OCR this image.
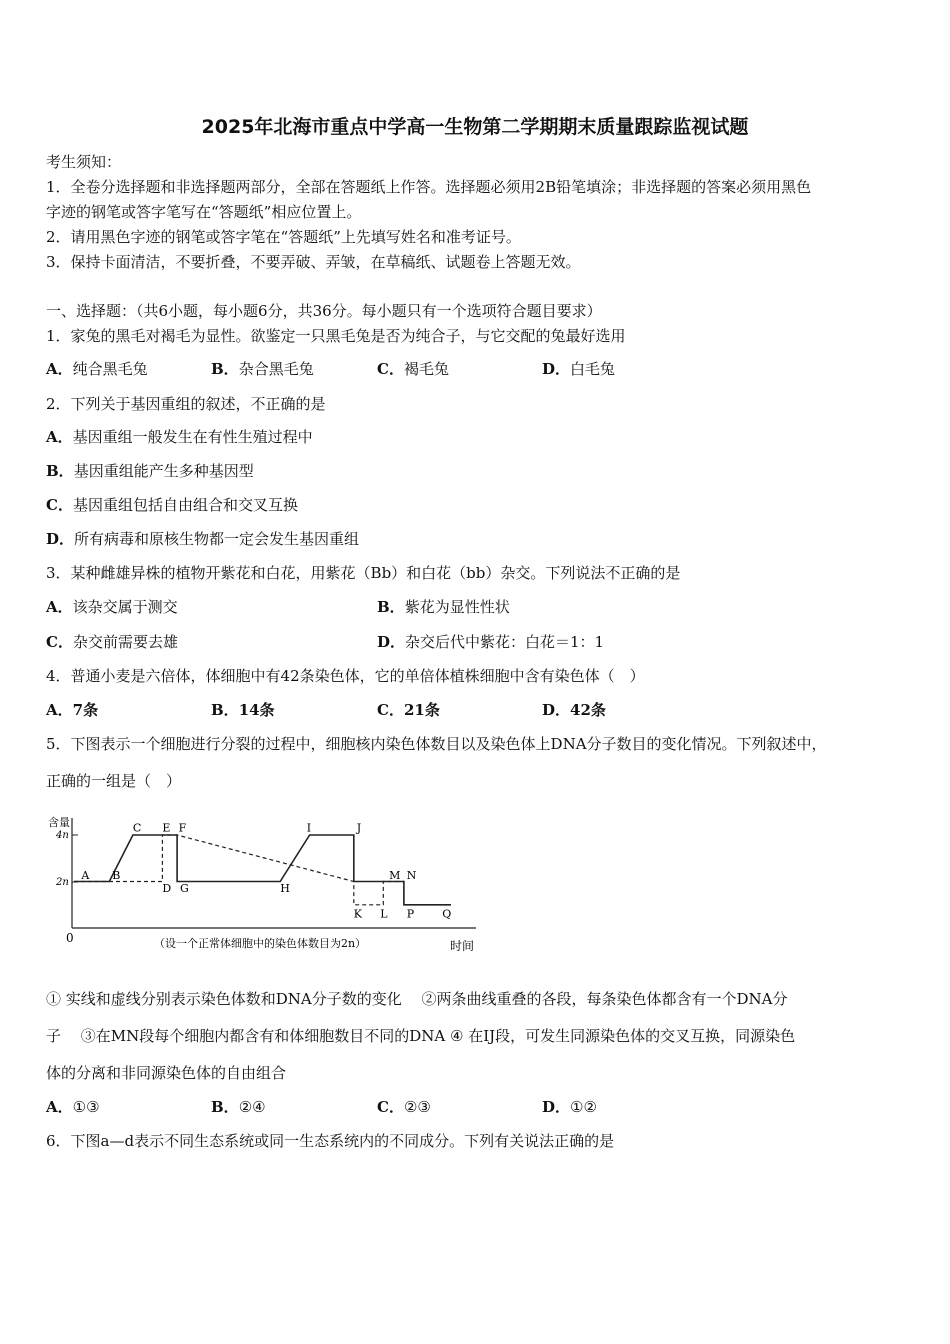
2025年北海市重点中学高一生物第二学期期末质量跟踪监视试题
考生须知：
1．全卷分选择题和非选择题两部分，全部在答题纸上作答。选择题必须用2B铅笔填涂；非选择题的答案必须用黑色
字迹的钢笔或答字笔写在“答题纸”相应位置上。
2．请用黑色字迹的钢笔或答字笔在“答题纸”上先填写姓名和准考证号。
3．保持卡面清洁，不要折叠，不要弄破、弄皱，在草稿纸、试题卷上答题无效。
一、选择题：（共6小题，每小题6分，共36分。每小题只有一个选项符合题目要求）
1．家兔的黑毛对褐毛为显性。欲鉴定一只黑毛兔是否为纯合子，与它交配的兔最好选用
A．纯合黑毛兔	B．杂合黑毛兔	C．褐毛兔	D．白毛兔
2．下列关于基因重组的叙述，不正确的是
A．基因重组一般发生在有性生殖过程中
B．基因重组能产生多种基因型
C．基因重组包括自由组合和交叉互换
D．所有病毒和原核生物都一定会发生基因重组
3．某种雌雄异株的植物开紫花和白花，用紫花（Bb）和白花（bb）杂交。下列说法不正确的是
A．该杂交属于测交	B．紫花为显性性状
C．杂交前需要去雄	D．杂交后代中紫花：白花＝1：1
4．普通小麦是六倍体，体细胞中有42条染色体，它的单倍体植株细胞中含有染色体（　）
A．7条	B．14条	C．21条	D．42条
5．下图表示一个细胞进行分裂的过程中，细胞核内染色体数目以及染色体上DNA分子数目的变化情况。下列叙述中，
正确的一组是（　）
含量
4n
2n
0
时间
（设一个正常体细胞中的染色体数目为2n）
A B
C E F
D G	H
I	J
M N
K L P	Q
① 实线和虚线分别表示染色体数和DNA分子数的变化　 ②两条曲线重叠的各段，每条染色体都含有一个DNA分
子　 ③在MN段每个细胞内都含有和体细胞数目不同的DNA ④ 在IJ段，可发生同源染色体的交叉互换，同源染色
体的分离和非同源染色体的自由组合
A．①③	B．②④	C．②③	D．①②
6．下图a—d表示不同生态系统或同一生态系统内的不同成分。下列有关说法正确的是
